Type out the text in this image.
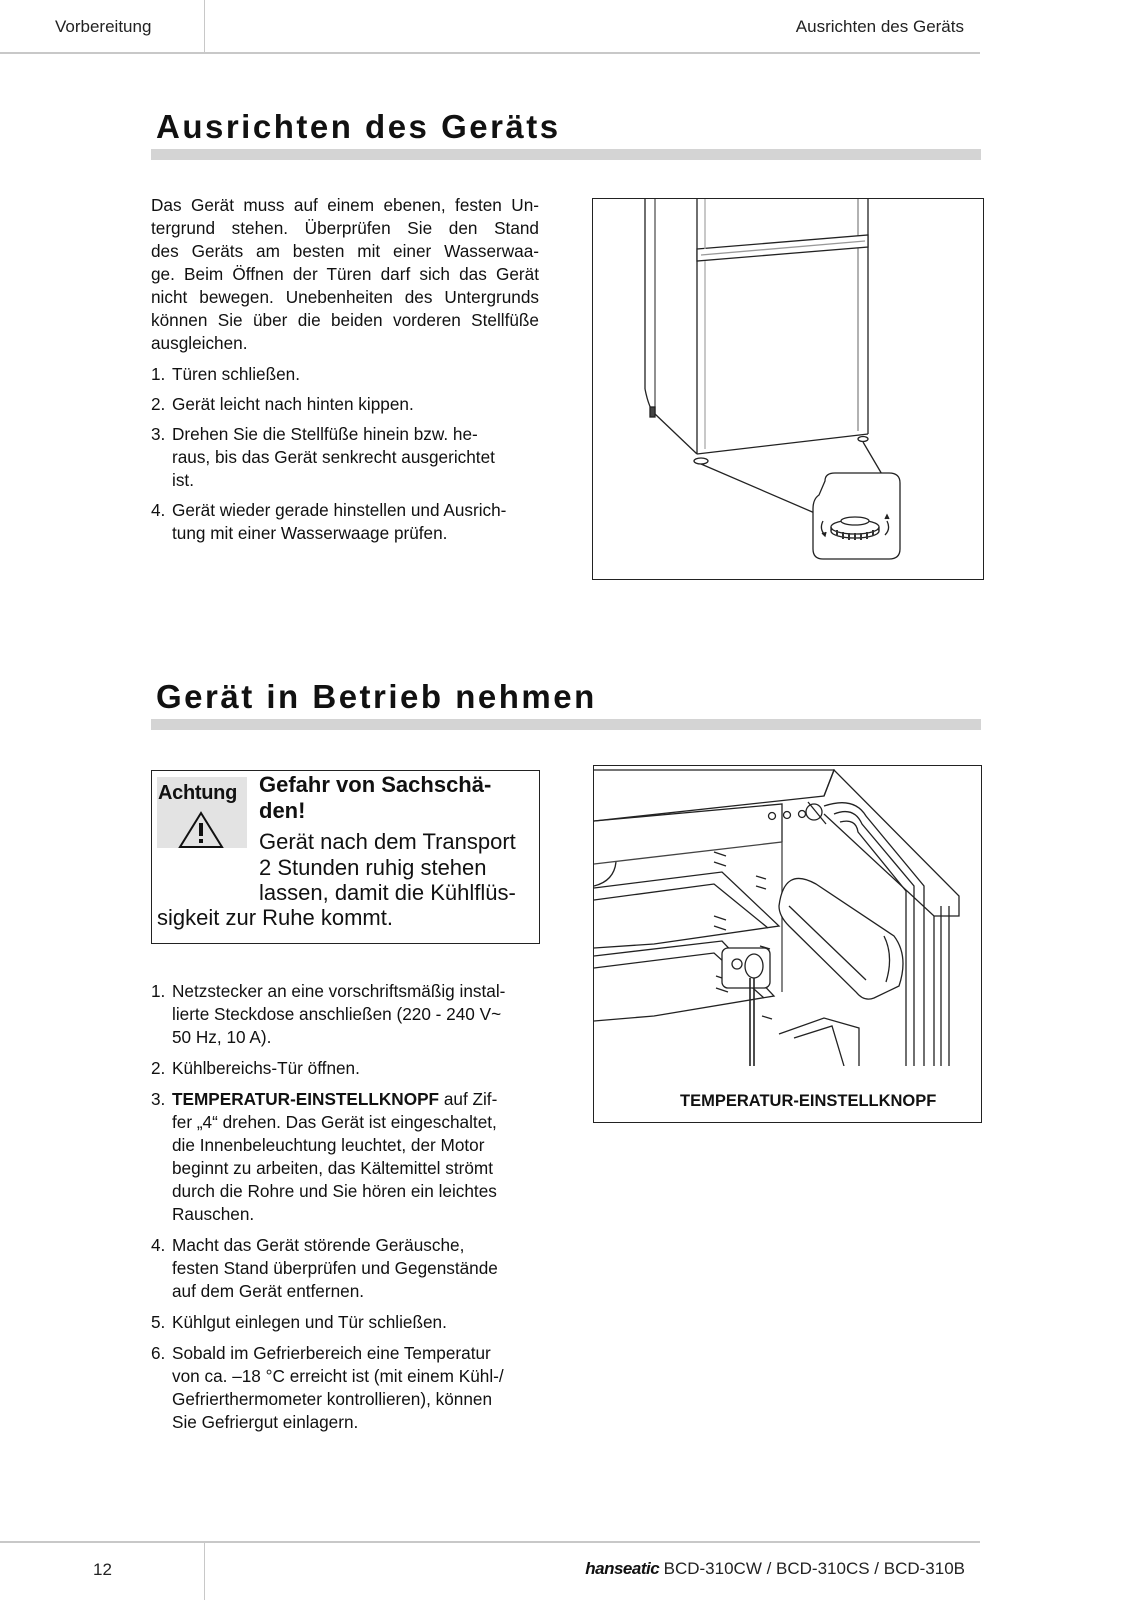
Vorbereitung	Ausrichten des Geräts
Ausrichten des Geräts
Das Gerät muss auf einem ebenen, festen Un-
tergrund stehen. Überprüfen Sie den Stand
des Geräts am besten mit einer Wasserwaa-
ge. Beim Öffnen der Türen darf sich das Gerät
nicht bewegen. Unebenheiten des Untergrunds
können Sie über die beiden vorderen Stellfüße
ausgleichen.
1. Türen schließen.
2. Gerät leicht nach hinten kippen.
3. Drehen Sie die Stellfüße hinein bzw. he-
raus, bis das Gerät senkrecht ausgerichtet
ist.
4. Gerät wieder gerade hinstellen und Ausrich-
tung mit einer Wasserwaage prüfen.
Gerät in Betrieb nehmen
Achtung Gefahr von Sachschä-
den!
Gerät nach dem Transport
2 Stunden ruhig stehen
lassen, damit die Kühlflüs-
sigkeit zur Ruhe kommt.
1. Netzstecker an eine vorschriftsmäßig instal-
lierte Steckdose anschließen (220 - 240 V~
50 Hz, 10 A).
2. Kühlbereichs-Tür öffnen.
3. TEMPERATUR-EINSTELLKNOPF auf Zif-
fer „4“ drehen. Das Gerät ist eingeschaltet,
die Innenbeleuchtung leuchtet, der Motor
beginnt zu arbeiten, das Kältemittel strömt
durch die Rohre und Sie hören ein leichtes
Rauschen.
4. Macht das Gerät störende Geräusche,
festen Stand überprüfen und Gegenstände
auf dem Gerät entfernen.
5. Kühlgut einlegen und Tür schließen.
6. Sobald im Gefrierbereich eine Temperatur
von ca. –18 °C erreicht ist (mit einem Kühl-/
Gefrierthermometer kontrollieren), können
Sie Gefriergut einlagern.
TEMPERATUR-EINSTELLKNOPF
12	hanseatic BCD-310CW / BCD-310CS / BCD-310B
